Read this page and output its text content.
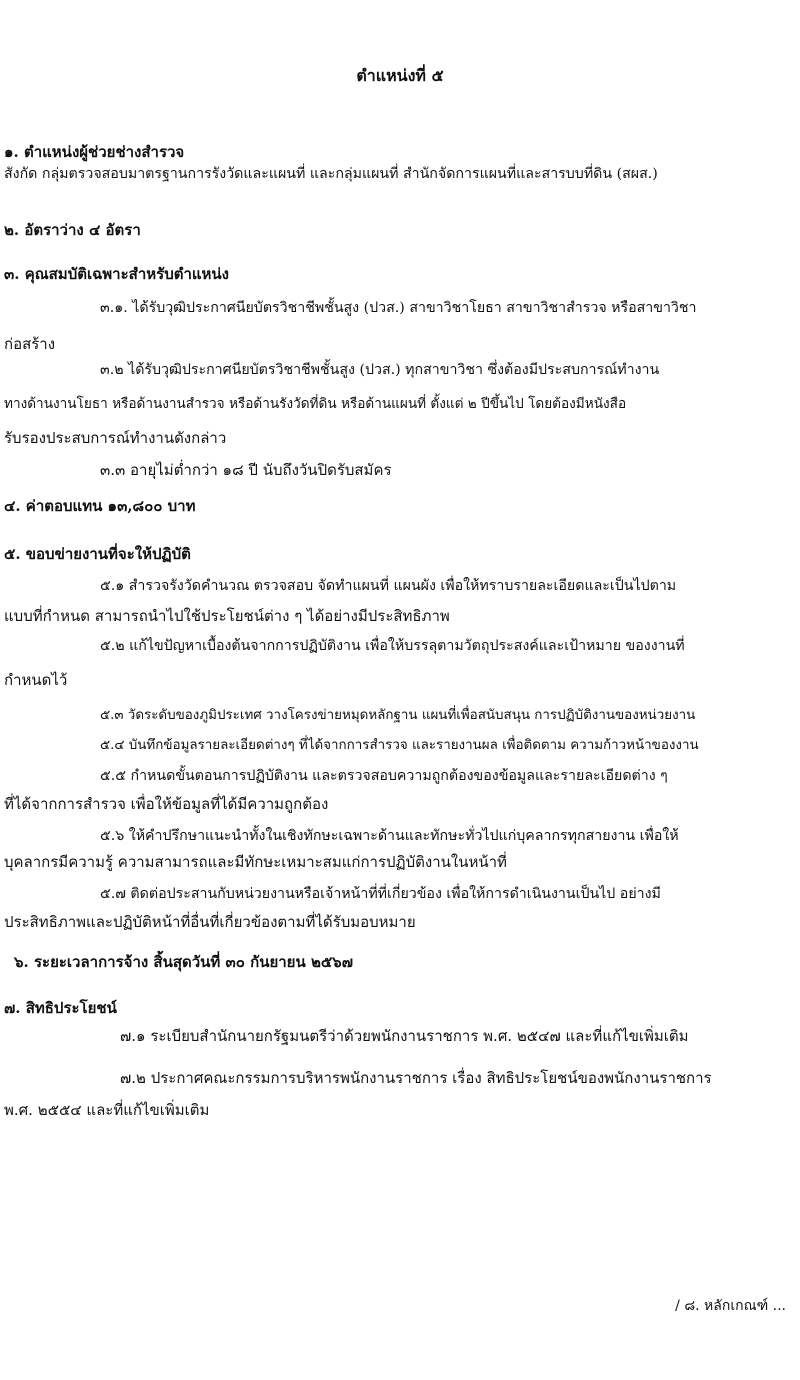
ตำแหน่งที่ ๕
๑. ตำแหน่งผู้ช่วยช่างสำรวจ
สังกัด กลุ่มตรวจสอบมาตรฐานการรังวัดและแผนที่ และกลุ่มแผนที่ สำนักจัดการแผนที่และสารบบที่ดิน (สผส.)
๒. อัตราว่าง ๔ อัตรา
๓. คุณสมบัติเฉพาะสำหรับตำแหน่ง
๓.๑. ได้รับวุฒิประกาศนียบัตรวิชาชีพชั้นสูง (ปวส.) สาขาวิชาโยธา สาขาวิชาสำรวจ หรือสาขาวิชา
ก่อสร้าง
๓.๒ ได้รับวุฒิประกาศนียบัตรวิชาชีพชั้นสูง (ปวส.) ทุกสาขาวิชา ซึ่งต้องมีประสบการณ์ทำงาน
ทางด้านงานโยธา หรือด้านงานสำรวจ หรือด้านรังวัดที่ดิน หรือด้านแผนที่ ตั้งแต่ ๒ ปีขึ้นไป โดยต้องมีหนังสือ
รับรองประสบการณ์ทำงานดังกล่าว
๓.๓ อายุไม่ต่ำกว่า ๑๘ ปี นับถึงวันปิดรับสมัคร
๔. ค่าตอบแทน ๑๓,๘๐๐ บาท
๕. ขอบข่ายงานที่จะให้ปฏิบัติ
๕.๑ สำรวจรังวัดคำนวณ ตรวจสอบ จัดทำแผนที่ แผนผัง เพื่อให้ทราบรายละเอียดและเป็นไปตาม
แบบที่กำหนด สามารถนำไปใช้ประโยชน์ต่าง ๆ ได้อย่างมีประสิทธิภาพ
๕.๒ แก้ไขปัญหาเบื้องต้นจากการปฏิบัติงาน เพื่อให้บรรลุตามวัตถุประสงค์และเป้าหมาย ของงานที่
กำหนดไว้
๕.๓ วัดระดับของภูมิประเทศ วางโครงข่ายหมุดหลักฐาน แผนที่เพื่อสนับสนุน การปฏิบัติงานของหน่วยงาน
๕.๔ บันทึกข้อมูลรายละเอียดต่างๆ ที่ได้จากการสำรวจ และรายงานผล เพื่อติดตาม ความก้าวหน้าของงาน
๕.๕ กำหนดขั้นตอนการปฏิบัติงาน และตรวจสอบความถูกต้องของข้อมูลและรายละเอียดต่าง ๆ
ที่ได้จากการสำรวจ เพื่อให้ข้อมูลที่ได้มีความถูกต้อง
๕.๖ ให้คำปรึกษาแนะนำทั้งในเชิงทักษะเฉพาะด้านและทักษะทั่วไปแก่บุคลากรทุกสายงาน เพื่อให้
บุคลากรมีความรู้ ความสามารถและมีทักษะเหมาะสมแก่การปฏิบัติงานในหน้าที่
๕.๗ ติดต่อประสานกับหน่วยงานหรือเจ้าหน้าที่ที่เกี่ยวข้อง เพื่อให้การดำเนินงานเป็นไป อย่างมี
ประสิทธิภาพและปฏิบัติหน้าที่อื่นที่เกี่ยวข้องตามที่ได้รับมอบหมาย
๖. ระยะเวลาการจ้าง สิ้นสุดวันที่ ๓๐ กันยายน ๒๕๖๗
๗. สิทธิประโยชน์
๗.๑ ระเบียบสำนักนายกรัฐมนตรีว่าด้วยพนักงานราชการ พ.ศ. ๒๕๔๗ และที่แก้ไขเพิ่มเติม
๗.๒ ประกาศคณะกรรมการบริหารพนักงานราชการ เรื่อง สิทธิประโยชน์ของพนักงานราชการ
พ.ศ. ๒๕๕๔ และที่แก้ไขเพิ่มเติม
/ ๘. หลักเกณฑ์ ...
